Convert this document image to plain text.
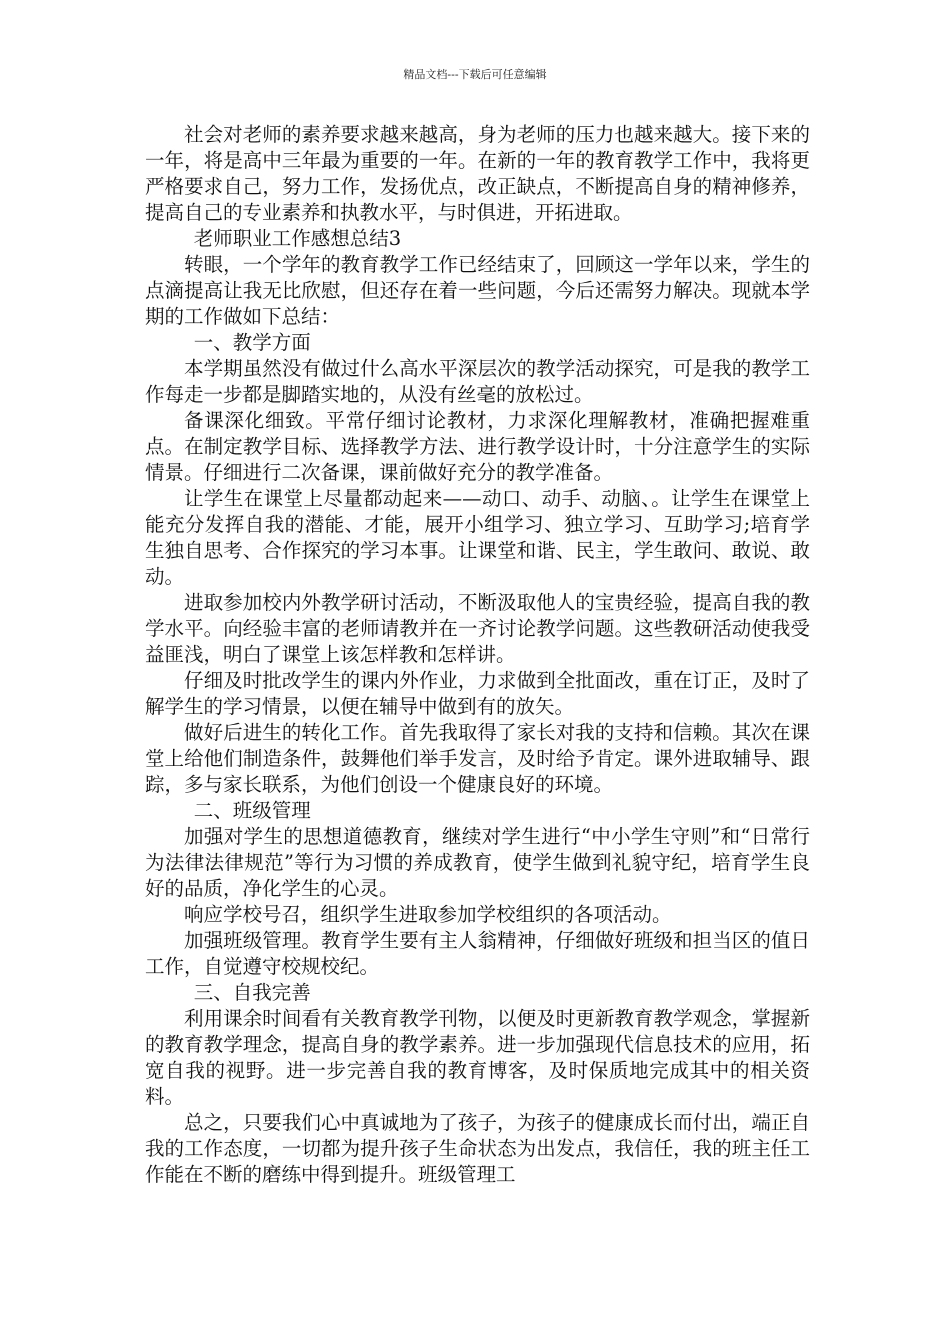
精品文档---下载后可任意编辑

社会对老师的素养要求越来越高，身为老师的压力也越来越大。接下来的一年，将是高中三年最为重要的一年。在新的一年的教育教学工作中，我将更严格要求自己，努力工作，发扬优点，改正缺点，不断提高自身的精神修养，提高自己的专业素养和执教水平，与时俱进，开拓进取。

老师职业工作感想总结3

转眼，一个学年的教育教学工作已经结束了，回顾这一学年以来，学生的点滴提高让我无比欣慰，但还存在着一些问题，今后还需努力解决。现就本学期的工作做如下总结：

一、教学方面

本学期虽然没有做过什么高水平深层次的教学活动探究，可是我的教学工作每走一步都是脚踏实地的，从没有丝毫的放松过。

备课深化细致。平常仔细讨论教材，力求深化理解教材，准确把握难重点。在制定教学目标、选择教学方法、进行教学设计时，十分注意学生的实际情景。仔细进行二次备课，课前做好充分的教学准备。

让学生在课堂上尽量都动起来——动口、动手、动脑、。让学生在课堂上能充分发挥自我的潜能、才能，展开小组学习、独立学习、互助学习;培育学生独自思考、合作探究的学习本事。让课堂和谐、民主，学生敢问、敢说、敢动。

进取参加校内外教学研讨活动，不断汲取他人的宝贵经验，提高自我的教学水平。向经验丰富的老师请教并在一齐讨论教学问题。这些教研活动使我受益匪浅，明白了课堂上该怎样教和怎样讲。

仔细及时批改学生的课内外作业，力求做到全批面改，重在订正，及时了解学生的学习情景，以便在辅导中做到有的放矢。

做好后进生的转化工作。首先我取得了家长对我的支持和信赖。其次在课堂上给他们制造条件，鼓舞他们举手发言，及时给予肯定。课外进取辅导、跟踪，多与家长联系，为他们创设一个健康良好的环境。

二、班级管理

加强对学生的思想道德教育，继续对学生进行“中小学生守则”和“日常行为法律法律规范”等行为习惯的养成教育，使学生做到礼貌守纪，培育学生良好的品质，净化学生的心灵。

响应学校号召，组织学生进取参加学校组织的各项活动。

加强班级管理。教育学生要有主人翁精神，仔细做好班级和担当区的值日工作，自觉遵守校规校纪。

三、自我完善

利用课余时间看有关教育教学刊物，以便及时更新教育教学观念，掌握新的教育教学理念，提高自身的教学素养。进一步加强现代信息技术的应用，拓宽自我的视野。进一步完善自我的教育博客，及时保质地完成其中的相关资料。

总之，只要我们心中真诚地为了孩子，为孩子的健康成长而付出，端正自我的工作态度，一切都为提升孩子生命状态为出发点，我信任，我的班主任工作能在不断的磨练中得到提升。班级管理工
